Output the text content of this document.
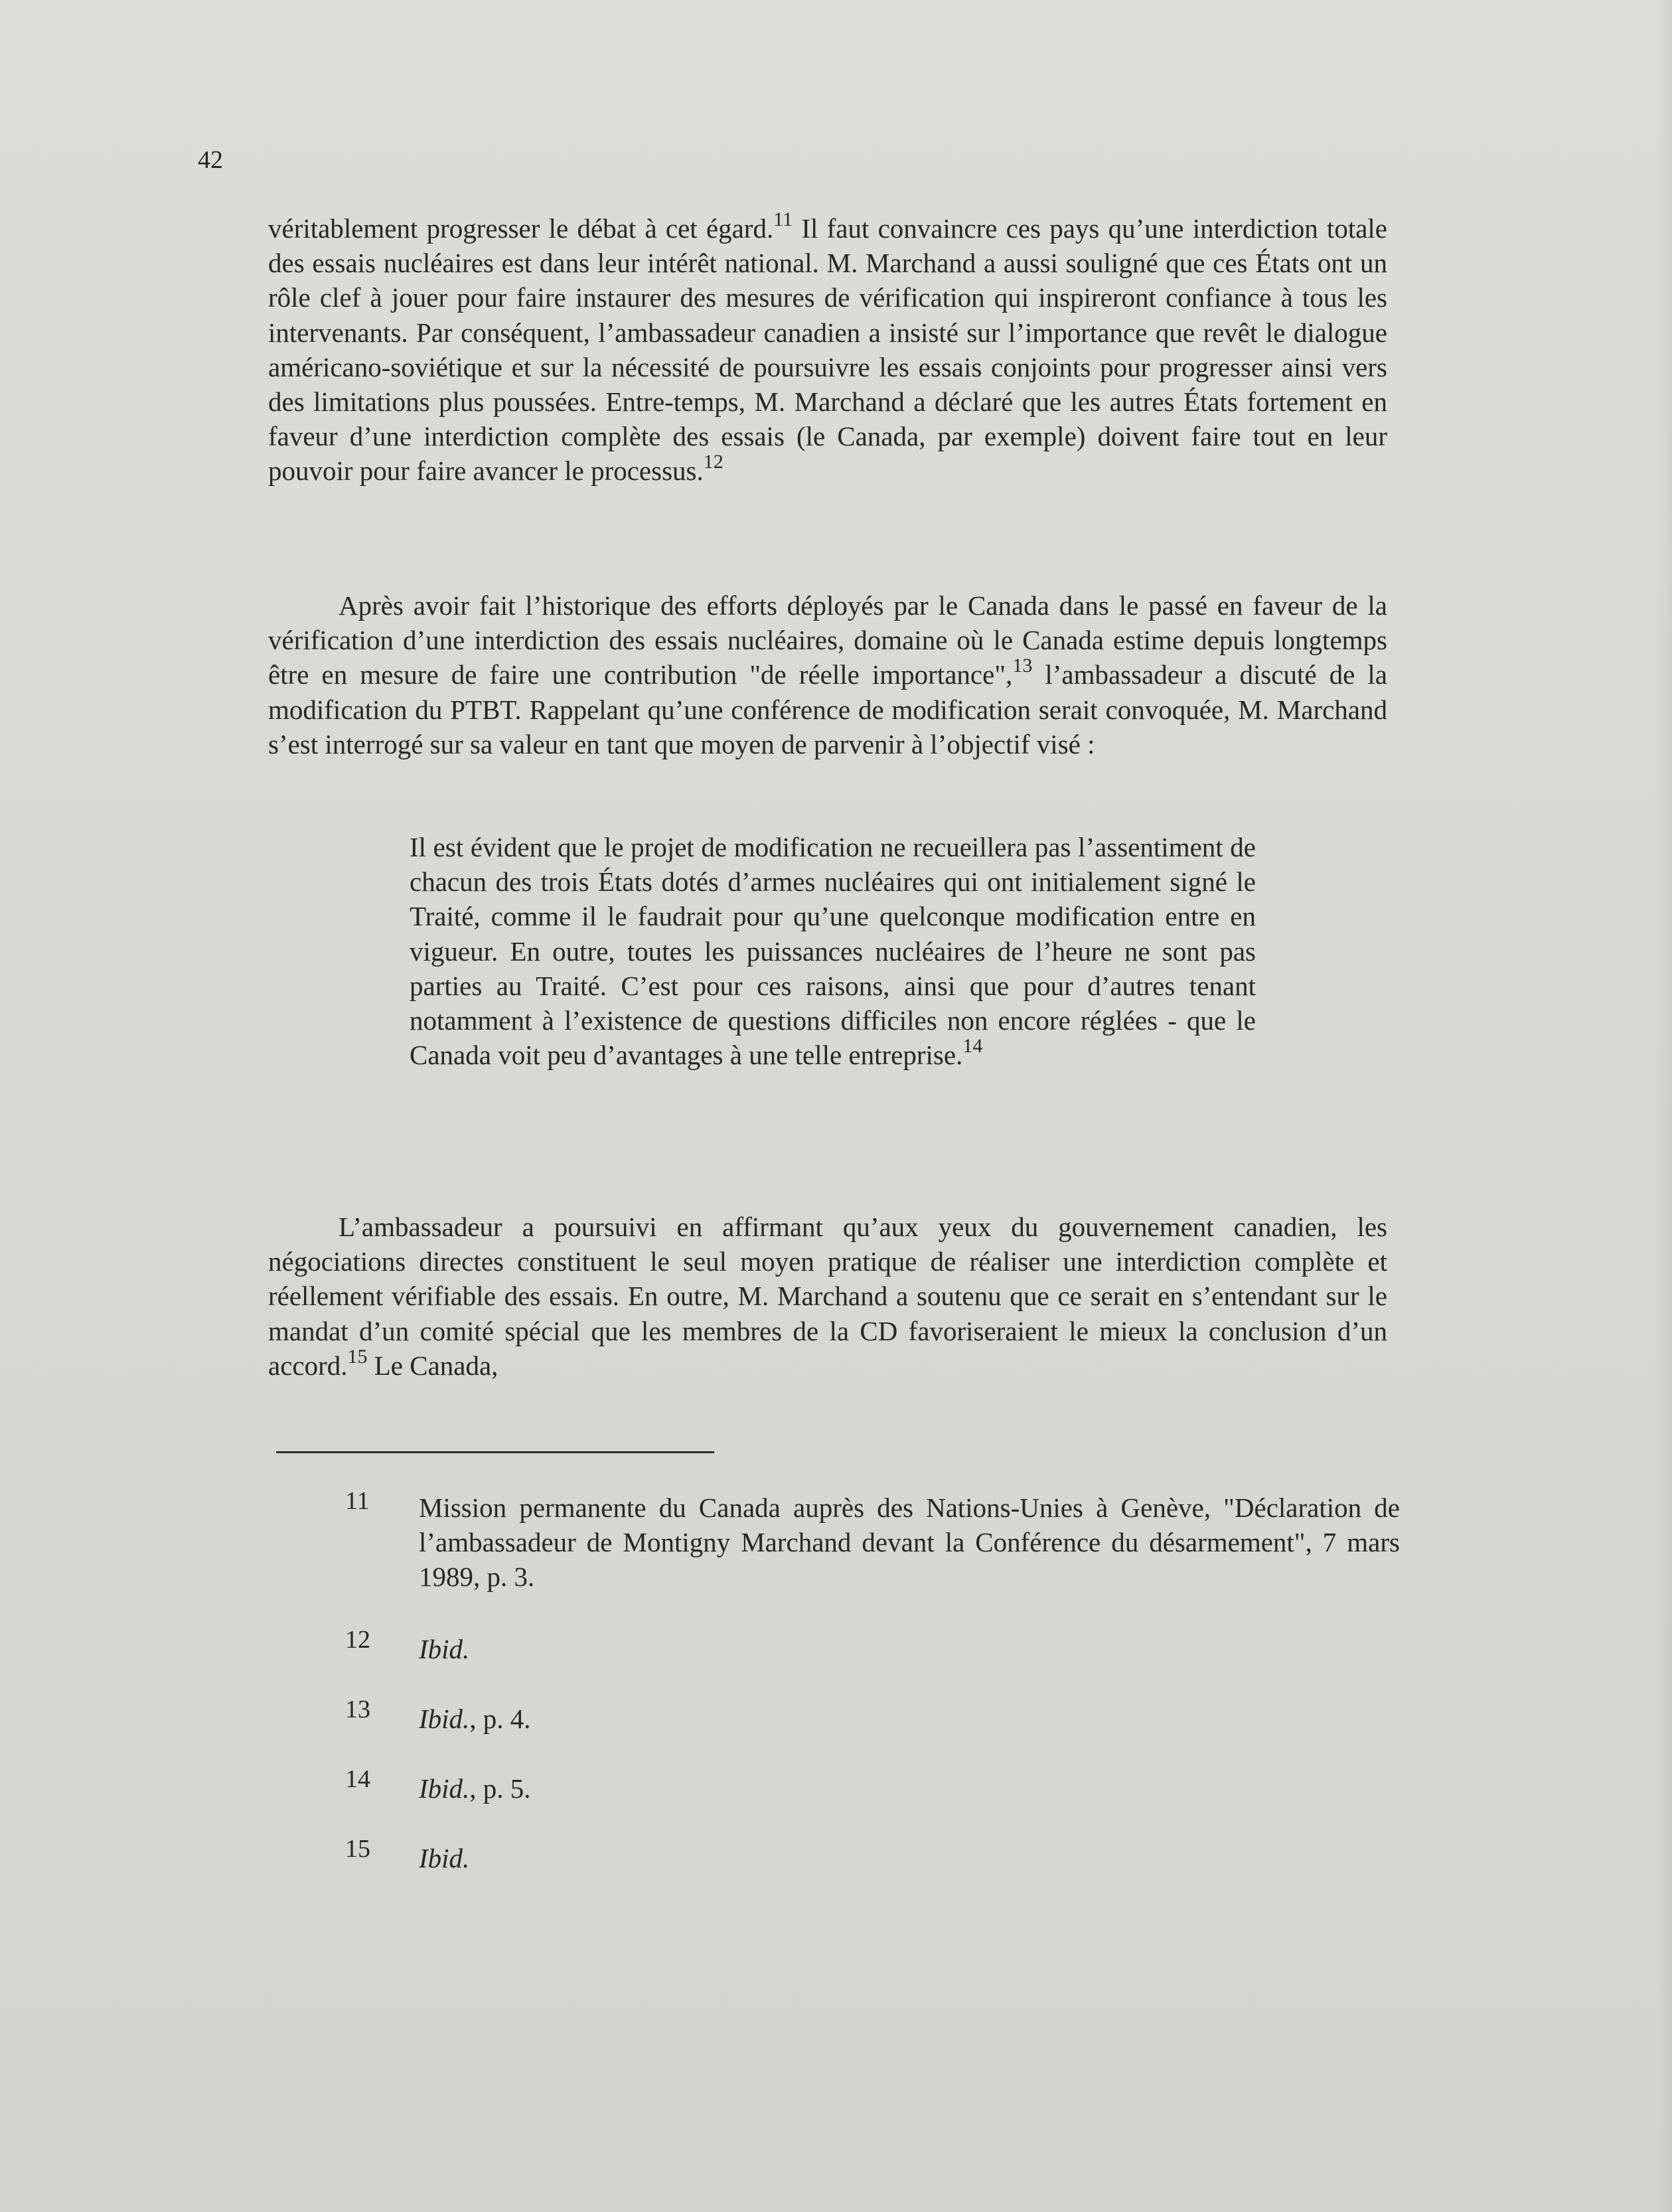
42

véritablement progresser le débat à cet égard.$^{11}$ Il faut convaincre ces pays qu’une interdiction totale des essais nucléaires est dans leur intérêt national. M. Marchand a aussi souligné que ces États ont un rôle clef à jouer pour faire instaurer des mesures de vérification qui inspireront confiance à tous les intervenants. Par conséquent, l’ambassadeur canadien a insisté sur l’importance que revêt le dialogue américano-soviétique et sur la nécessité de poursuivre les essais conjoints pour progresser ainsi vers des limitations plus poussées. Entre-temps, M. Marchand a déclaré que les autres États fortement en faveur d’une interdiction complète des essais (le Canada, par exemple) doivent faire tout en leur pouvoir pour faire avancer le processus.$^{12}$

Après avoir fait l’historique des efforts déployés par le Canada dans le passé en faveur de la vérification d’une interdiction des essais nucléaires, domaine où le Canada estime depuis longtemps être en mesure de faire une contribution "de réelle importance",$^{13}$ l’ambassadeur a discuté de la modification du PTBT. Rappelant qu’une conférence de modification serait convoquée, M. Marchand s’est interrogé sur sa valeur en tant que moyen de parvenir à l’objectif visé :

Il est évident que le projet de modification ne recueillera pas l’assentiment de chacun des trois États dotés d’armes nucléaires qui ont initialement signé le Traité, comme il le faudrait pour qu’une quelconque modification entre en vigueur. En outre, toutes les puissances nucléaires de l’heure ne sont pas parties au Traité. C’est pour ces raisons, ainsi que pour d’autres tenant notamment à l’existence de questions difficiles non encore réglées - que le Canada voit peu d’avantages à une telle entreprise.$^{14}$

L’ambassadeur a poursuivi en affirmant qu’aux yeux du gouvernement canadien, les négociations directes constituent le seul moyen pratique de réaliser une interdiction complète et réellement vérifiable des essais. En outre, M. Marchand a soutenu que ce serait en s’entendant sur le mandat d’un comité spécial que les membres de la CD favoriseraient le mieux la conclusion d’un accord.$^{15}$ Le Canada,

11 Mission permanente du Canada auprès des Nations-Unies à Genève, "Déclaration de l’ambassadeur de Montigny Marchand devant la Conférence du désarmement", 7 mars 1989, p. 3.
12 Ibid.
13 Ibid., p. 4.
14 Ibid., p. 5.
15 Ibid.
